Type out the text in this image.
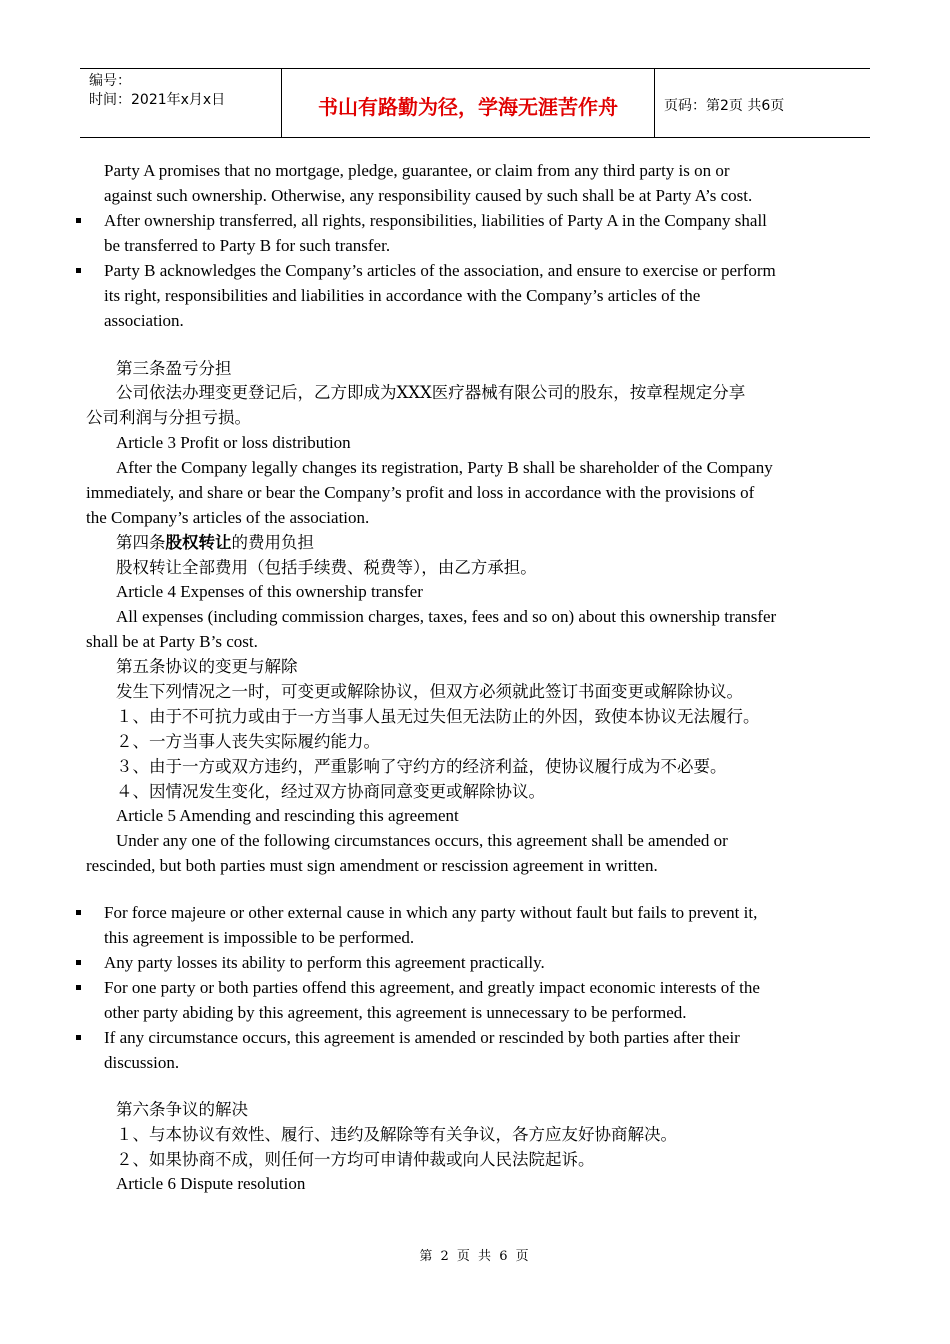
编号：
时间：2021年x月x日	书山有路勤为径，学海无涯苦作舟	页码：第2页 共6页
Party A promises that no mortgage, pledge, guarantee, or claim from any third party is on or
against such ownership. Otherwise, any responsibility caused by such shall be at Party A’s cost.
After ownership transferred, all rights, responsibilities, liabilities of Party A in the Company shall
be transferred to Party B for such transfer.
Party B acknowledges the Company’s articles of the association, and ensure to exercise or perform
its right, responsibilities and liabilities in accordance with the Company’s articles of the
association.
第三条盈亏分担
公司依法办理变更登记后，乙方即成为XXX医疗器械有限公司的股东，按章程规定分享
公司利润与分担亏损。
Article 3 Profit or loss distribution
After the Company legally changes its registration, Party B shall be shareholder of the Company
immediately, and share or bear the Company’s profit and loss in accordance with the provisions of
the Company’s articles of the association.
第四条股权转让的费用负担
股权转让全部费用（包括手续费、税费等），由乙方承担。
Article 4 Expenses of this ownership transfer
All expenses (including commission charges, taxes, fees and so on) about this ownership transfer
shall be at Party B’s cost.
第五条协议的变更与解除
发生下列情况之一时，可变更或解除协议，但双方必须就此签订书面变更或解除协议。
１、由于不可抗力或由于一方当事人虽无过失但无法防止的外因，致使本协议无法履行。
２、一方当事人丧失实际履约能力。
３、由于一方或双方违约，严重影响了守约方的经济利益，使协议履行成为不必要。
４、因情况发生变化，经过双方协商同意变更或解除协议。
Article 5 Amending and rescinding this agreement
Under any one of the following circumstances occurs, this agreement shall be amended or
rescinded, but both parties must sign amendment or rescission agreement in written.
For force majeure or other external cause in which any party without fault but fails to prevent it,
this agreement is impossible to be performed.
Any party losses its ability to perform this agreement practically.
For one party or both parties offend this agreement, and greatly impact economic interests of the
other party abiding by this agreement, this agreement is unnecessary to be performed.
If any circumstance occurs, this agreement is amended or rescinded by both parties after their
discussion.
第六条争议的解决
１、与本协议有效性、履行、违约及解除等有关争议，各方应友好协商解决。
２、如果协商不成，则任何一方均可申请仲裁或向人民法院起诉。
Article 6 Dispute resolution
第 2 页 共 6 页
